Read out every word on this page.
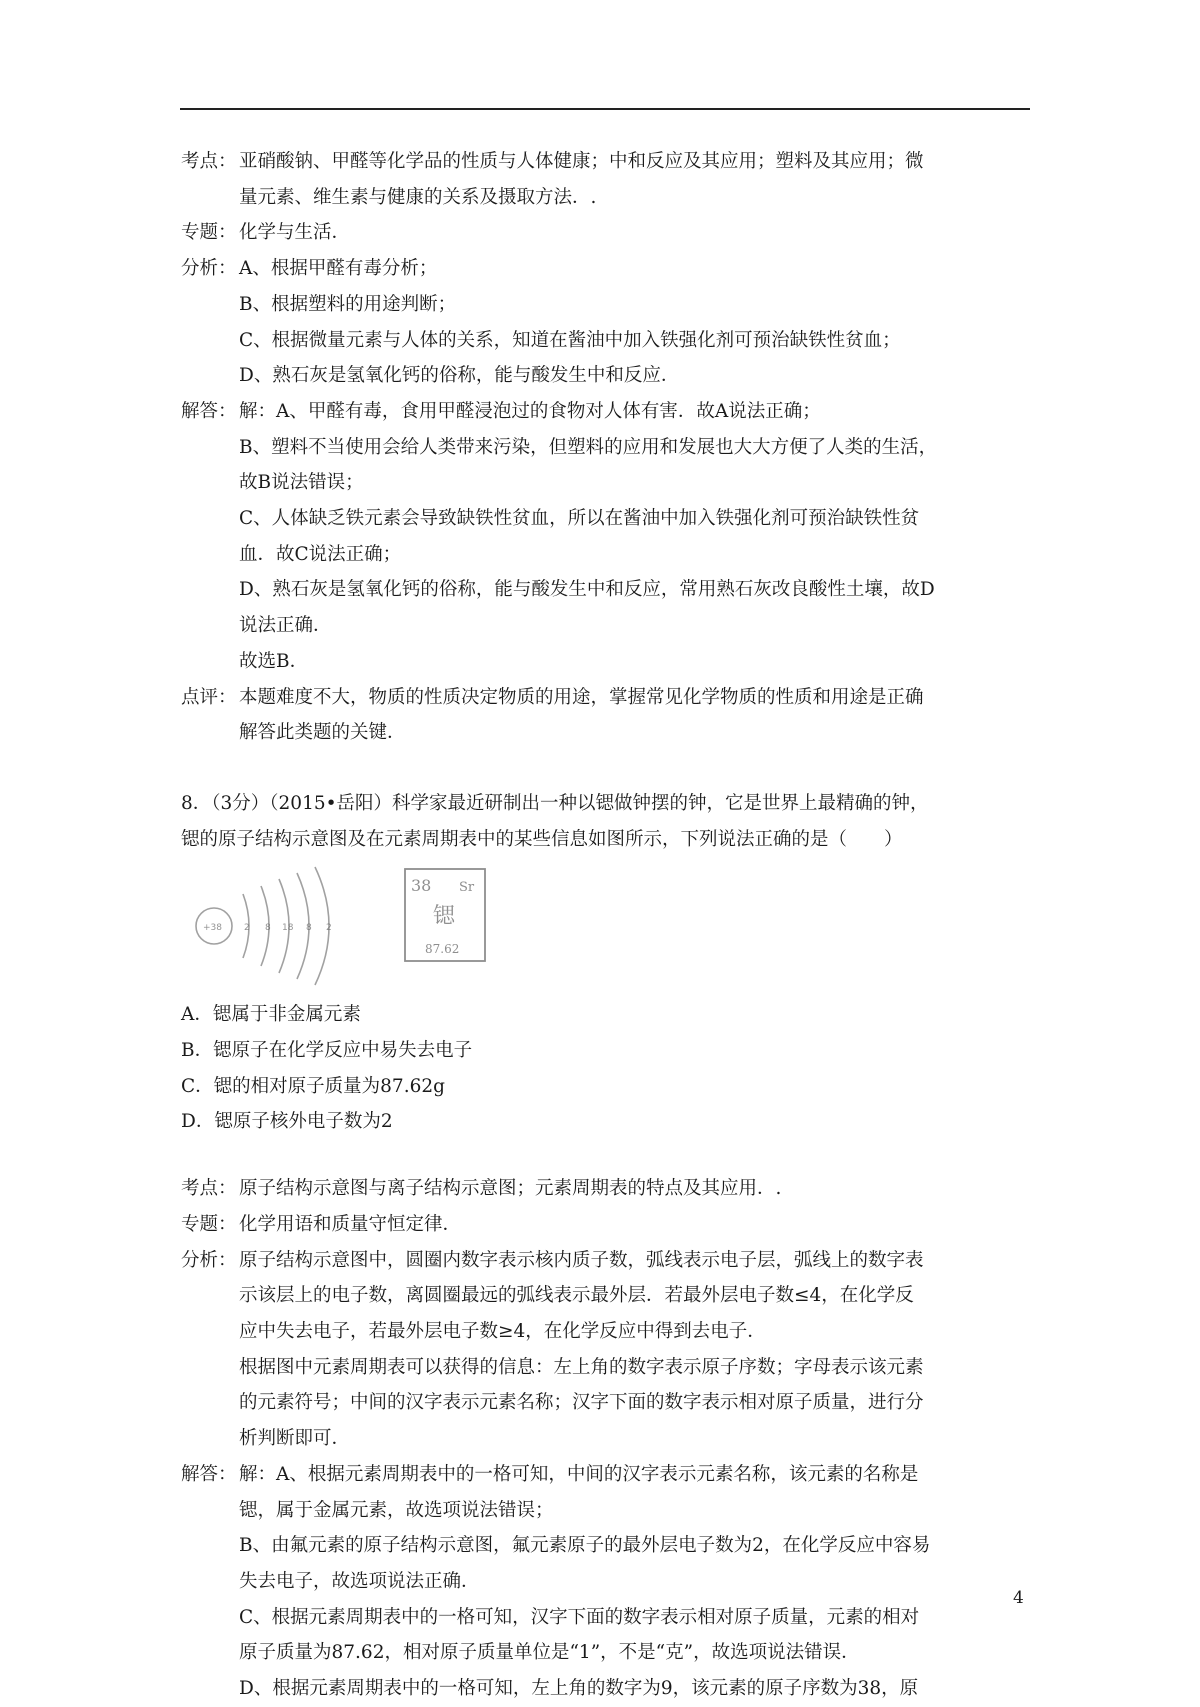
考点： 亚硝酸钠、甲醛等化学品的性质与人体健康；中和反应及其应用；塑料及其应用；微
量元素、维生素与健康的关系及摄取方法．.
专题： 化学与生活．
分析： A、根据甲醛有毒分析；
B、根据塑料的用途判断；
C、根据微量元素与人体的关系，知道在酱油中加入铁强化剂可预治缺铁性贫血；
D、熟石灰是氢氧化钙的俗称，能与酸发生中和反应．
解答： 解：A、甲醛有毒，食用甲醛浸泡过的食物对人体有害．故A说法正确；
B、塑料不当使用会给人类带来污染，但塑料的应用和发展也大大方便了人类的生活，
故B说法错误；
C、人体缺乏铁元素会导致缺铁性贫血，所以在酱油中加入铁强化剂可预治缺铁性贫
血．故C说法正确；
D、熟石灰是氢氧化钙的俗称，能与酸发生中和反应，常用熟石灰改良酸性土壤，故D
说法正确．
故选B．
点评： 本题难度不大，物质的性质决定物质的用途，掌握常见化学物质的性质和用途是正确
解答此类题的关键．
8．（3分）（2015•岳阳）科学家最近研制出一种以锶做钟摆的钟，它是世界上最精确的钟，
锶的原子结构示意图及在元素周期表中的某些信息如图所示，下列说法正确的是（　　）
+38 2 8 18 8 2
38 Sr
锶
87.62
A．锶属于非金属元素
B．锶原子在化学反应中易失去电子
C．锶的相对原子质量为87.62g
D．锶原子核外电子数为2
考点： 原子结构示意图与离子结构示意图；元素周期表的特点及其应用．.
专题： 化学用语和质量守恒定律．
分析： 原子结构示意图中，圆圈内数字表示核内质子数，弧线表示电子层，弧线上的数字表
示该层上的电子数，离圆圈最远的弧线表示最外层．若最外层电子数≤4，在化学反
应中失去电子，若最外层电子数≥4，在化学反应中得到去电子．
根据图中元素周期表可以获得的信息：左上角的数字表示原子序数；字母表示该元素
的元素符号；中间的汉字表示元素名称；汉字下面的数字表示相对原子质量，进行分
析判断即可．
解答： 解：A、根据元素周期表中的一格可知，中间的汉字表示元素名称，该元素的名称是
锶，属于金属元素，故选项说法错误；
B、由氟元素的原子结构示意图，氟元素原子的最外层电子数为2，在化学反应中容易
失去电子，故选项说法正确．
C、根据元素周期表中的一格可知，汉字下面的数字表示相对原子质量，元素的相对
原子质量为87.62，相对原子质量单位是“1”，不是“克”，故选项说法错误．
D、根据元素周期表中的一格可知，左上角的数字为9，该元素的原子序数为38，原
4
